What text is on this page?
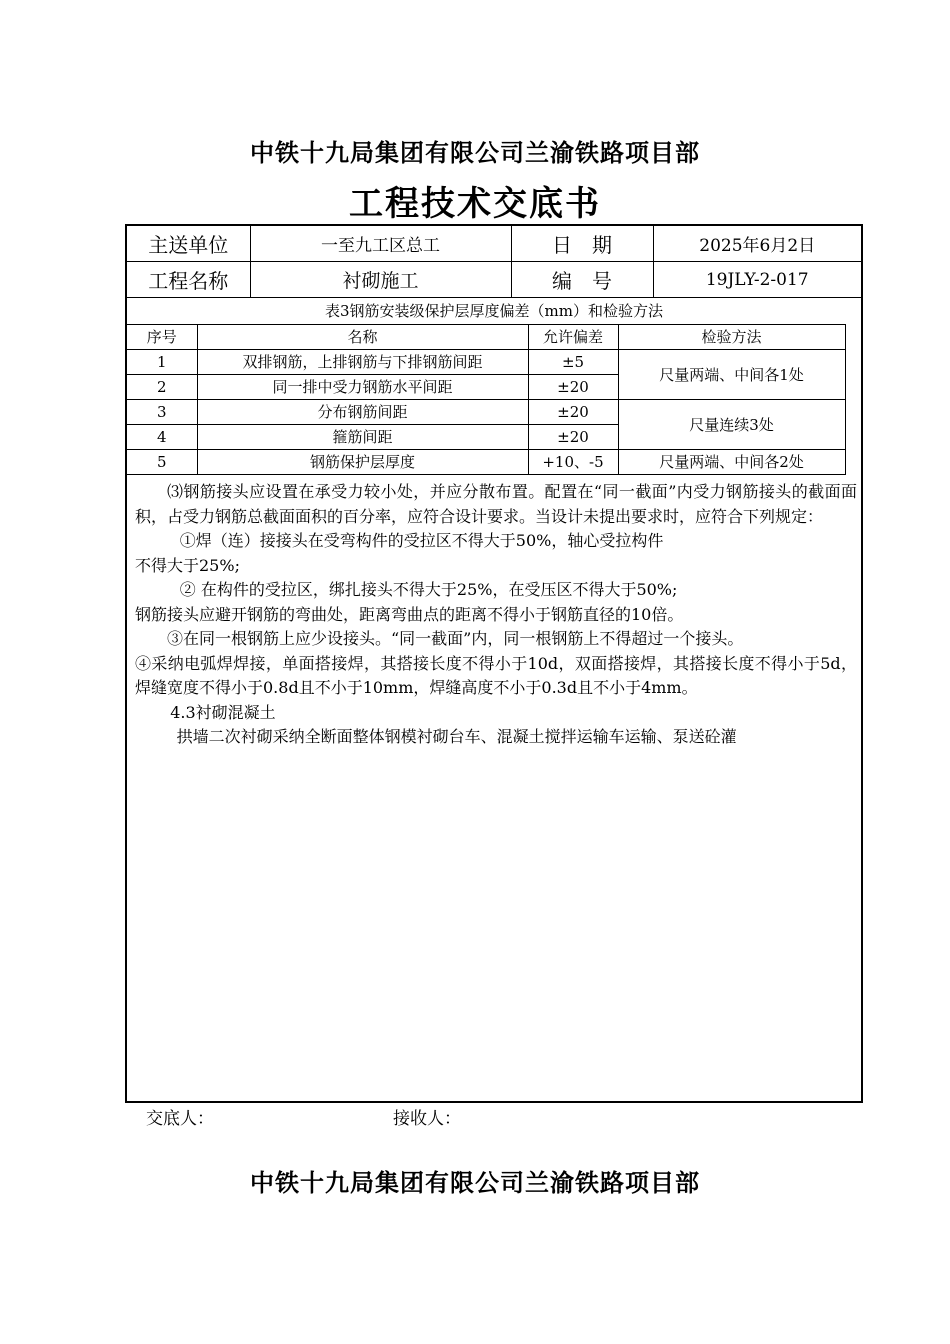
中铁十九局集团有限公司兰渝铁路项目部
工程技术交底书
主送单位	一至九工区总工	日　期	2025年6月2日
工程名称	衬砌施工	编　号	19JLY-2-017
表3钢筋安装级保护层厚度偏差（mm）和检验方法
序号	名称	允许偏差	检验方法
1	双排钢筋，上排钢筋与下排钢筋间距	±5	尺量两端、中间各1处
2	同一排中受力钢筋水平间距	±20	
3	分布钢筋间距	±20	尺量连续3处
4	箍筋间距	±20	
5	钢筋保护层厚度	+10、-5	尺量两端、中间各2处

⑶钢筋接头应设置在承受力较小处，并应分散布置。配置在“同一截面”内受力钢筋接头的截面面积，占受力钢筋总截面面积的百分率，应符合设计要求。当设计未提出要求时，应符合下列规定：

①焊（连）接接头在受弯构件的受拉区不得大于50%，轴心受拉构件

不得大于25%;

② 在构件的受拉区，绑扎接头不得大于25%，在受压区不得大于50%;

钢筋接头应避开钢筋的弯曲处，距离弯曲点的距离不得小于钢筋直径的10倍。

③在同一根钢筋上应少设接头。“同一截面”内，同一根钢筋上不得超过一个接头。

④采纳电弧焊焊接，单面搭接焊，其搭接长度不得小于10d，双面搭接焊，其搭接长度不得小于5d，焊缝宽度不得小于0.8d且不小于10mm，焊缝高度不小于0.3d且不小于4mm。

4.3衬砌混凝土

拱墙二次衬砌采纳全断面整体钢模衬砌台车、混凝土搅拌运输车运输、泵送砼灌

交底人：	接收人：
中铁十九局集团有限公司兰渝铁路项目部
